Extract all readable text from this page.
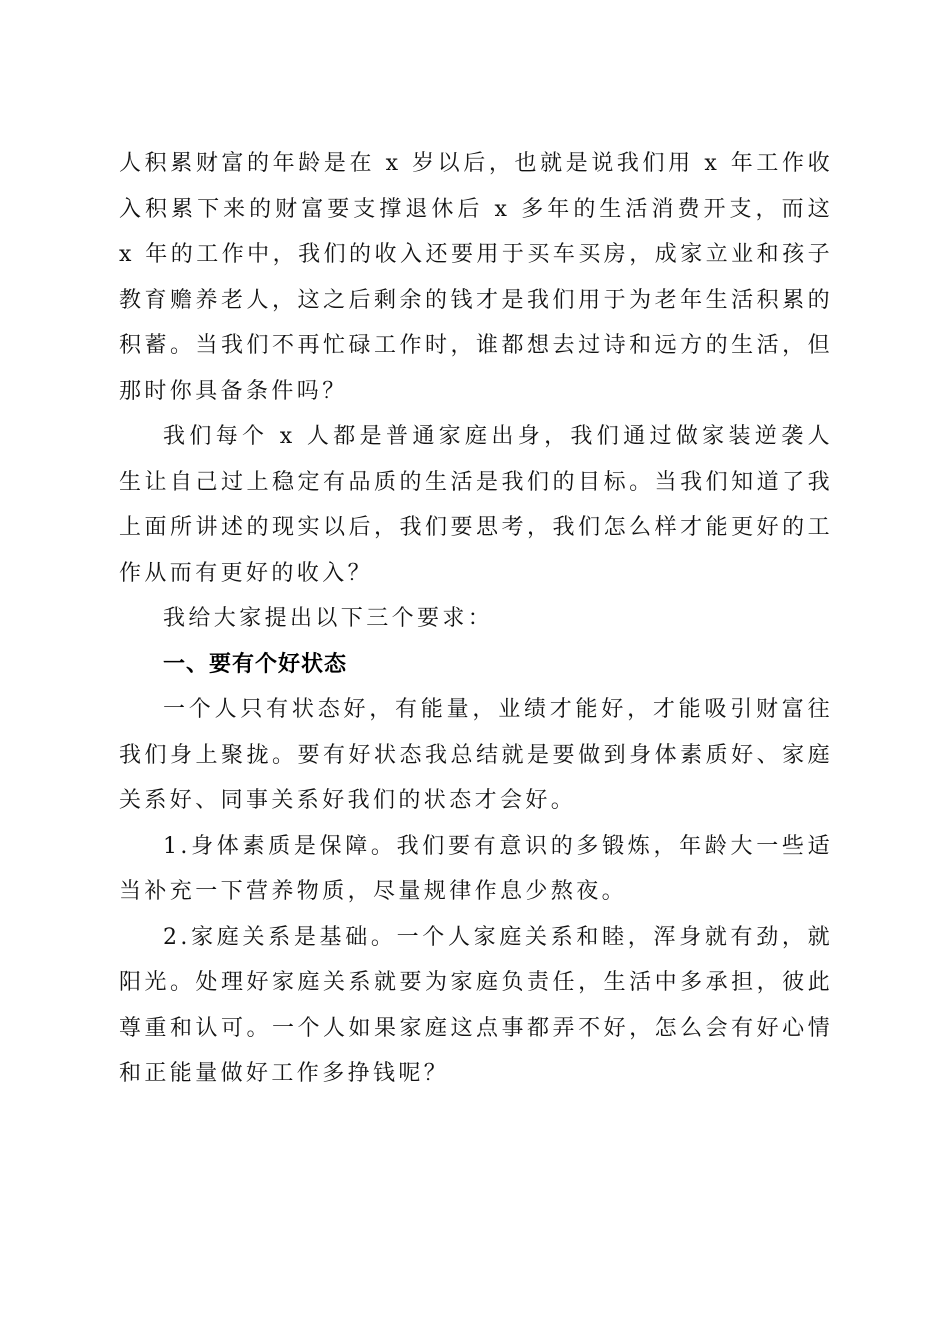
人积累财富的年龄是在 x 岁以后，也就是说我们用 x 年工作收入积累下来的财富要支撑退休后 x 多年的生活消费开支，而这 x 年的工作中，我们的收入还要用于买车买房，成家立业和孩子教育赡养老人，这之后剩余的钱才是我们用于为老年生活积累的积蓄。当我们不再忙碌工作时，谁都想去过诗和远方的生活，但那时你具备条件吗？

我们每个 x 人都是普通家庭出身，我们通过做家装逆袭人生让自己过上稳定有品质的生活是我们的目标。当我们知道了我上面所讲述的现实以后，我们要思考，我们怎么样才能更好的工作从而有更好的收入？

我给大家提出以下三个要求：

一、要有个好状态

一个人只有状态好，有能量，业绩才能好，才能吸引财富往我们身上聚拢。要有好状态我总结就是要做到身体素质好、家庭关系好、同事关系好我们的状态才会好。

1.身体素质是保障。我们要有意识的多锻炼，年龄大一些适当补充一下营养物质，尽量规律作息少熬夜。

2.家庭关系是基础。一个人家庭关系和睦，浑身就有劲，就阳光。处理好家庭关系就要为家庭负责任，生活中多承担，彼此尊重和认可。一个人如果家庭这点事都弄不好，怎么会有好心情和正能量做好工作多挣钱呢？
